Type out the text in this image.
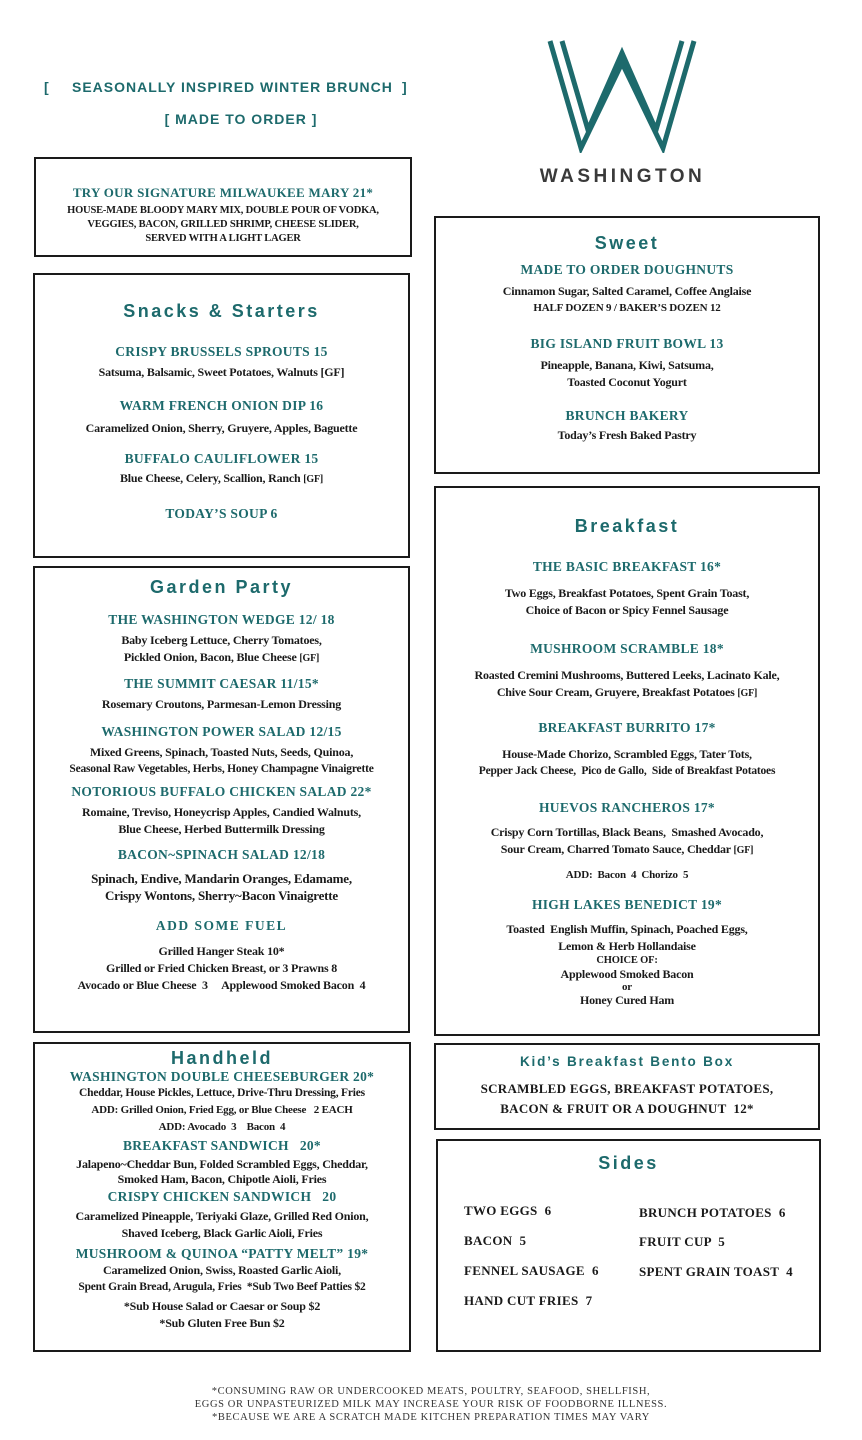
[ SEASONALLY INSPIRED WINTER BRUNCH ]
[ MADE TO ORDER ]
WASHINGTON
TRY OUR SIGNATURE MILWAUKEE MARY 21*
HOUSE-MADE BLOODY MARY MIX, DOUBLE POUR OF VODKA,
VEGGIES, BACON, GRILLED SHRIMP, CHEESE SLIDER,
SERVED WITH A LIGHT LAGER
Snacks & Starters
CRISPY BRUSSELS SPROUTS 15
Satsuma, Balsamic, Sweet Potatoes, Walnuts [GF]
WARM FRENCH ONION DIP 16
Caramelized Onion, Sherry, Gruyere, Apples, Baguette
BUFFALO CAULIFLOWER 15
Blue Cheese, Celery, Scallion, Ranch [GF]
TODAY’S SOUP 6
Garden Party
THE WASHINGTON WEDGE 12/ 18
Baby Iceberg Lettuce, Cherry Tomatoes,
Pickled Onion, Bacon, Blue Cheese [GF]
THE SUMMIT CAESAR 11/15*
Rosemary Croutons, Parmesan-Lemon Dressing
WASHINGTON POWER SALAD 12/15
Mixed Greens, Spinach, Toasted Nuts, Seeds, Quinoa,
Seasonal Raw Vegetables, Herbs, Honey Champagne Vinaigrette
NOTORIOUS BUFFALO CHICKEN SALAD 22*
Romaine, Treviso, Honeycrisp Apples, Candied Walnuts,
Blue Cheese, Herbed Buttermilk Dressing
BACON~SPINACH SALAD 12/18
Spinach, Endive, Mandarin Oranges, Edamame,
Crispy Wontons, Sherry~Bacon Vinaigrette
ADD SOME FUEL
Grilled Hanger Steak 10*
Grilled or Fried Chicken Breast, or 3 Prawns 8
Avocado or Blue Cheese  3     Applewood Smoked Bacon  4
Handheld
WASHINGTON DOUBLE CHEESEBURGER 20*
Cheddar, House Pickles, Lettuce, Drive-Thru Dressing, Fries
ADD: Grilled Onion, Fried Egg, or Blue Cheese   2 EACH
ADD: Avocado  3    Bacon  4
BREAKFAST SANDWICH   20*
Jalapeno~Cheddar Bun, Folded Scrambled Eggs, Cheddar,
Smoked Ham, Bacon, Chipotle Aioli, Fries
CRISPY CHICKEN SANDWICH   20
Caramelized Pineapple, Teriyaki Glaze, Grilled Red Onion,
Shaved Iceberg, Black Garlic Aioli, Fries
MUSHROOM & QUINOA “PATTY MELT” 19*
Caramelized Onion, Swiss, Roasted Garlic Aioli,
Spent Grain Bread, Arugula, Fries  *Sub Two Beef Patties $2
*Sub House Salad or Caesar or Soup $2
*Sub Gluten Free Bun $2
Sweet
MADE TO ORDER DOUGHNUTS
Cinnamon Sugar, Salted Caramel, Coffee Anglaise
HALF DOZEN 9 / BAKER’S DOZEN 12
BIG ISLAND FRUIT BOWL 13
Pineapple, Banana, Kiwi, Satsuma,
Toasted Coconut Yogurt
BRUNCH BAKERY
Today’s Fresh Baked Pastry
Breakfast
THE BASIC BREAKFAST 16*
Two Eggs, Breakfast Potatoes, Spent Grain Toast,
Choice of Bacon or Spicy Fennel Sausage
MUSHROOM SCRAMBLE 18*
Roasted Cremini Mushrooms, Buttered Leeks, Lacinato Kale,
Chive Sour Cream, Gruyere, Breakfast Potatoes [GF]
BREAKFAST BURRITO 17*
House-Made Chorizo, Scrambled Eggs, Tater Tots,
Pepper Jack Cheese,  Pico de Gallo,  Side of Breakfast Potatoes
HUEVOS RANCHEROS 17*
Crispy Corn Tortillas, Black Beans,  Smashed Avocado,
Sour Cream, Charred Tomato Sauce, Cheddar [GF]
ADD:  Bacon  4  Chorizo  5
HIGH LAKES BENEDICT 19*
Toasted  English Muffin, Spinach, Poached Eggs,
Lemon & Herb Hollandaise
CHOICE OF:
Applewood Smoked Bacon
or
Honey Cured Ham
Kid’s Breakfast Bento Box
SCRAMBLED EGGS, BREAKFAST POTATOES,
BACON & FRUIT OR A DOUGHNUT  12*
Sides
TWO EGGS  6
BACON  5
FENNEL SAUSAGE  6
HAND CUT FRIES  7
BRUNCH POTATOES  6
FRUIT CUP  5
SPENT GRAIN TOAST  4
*CONSUMING RAW OR UNDERCOOKED MEATS, POULTRY, SEAFOOD, SHELLFISH,
EGGS OR UNPASTEURIZED MILK MAY INCREASE YOUR RISK OF FOODBORNE ILLNESS.
*BECAUSE WE ARE A SCRATCH MADE KITCHEN PREPARATION TIMES MAY VARY
